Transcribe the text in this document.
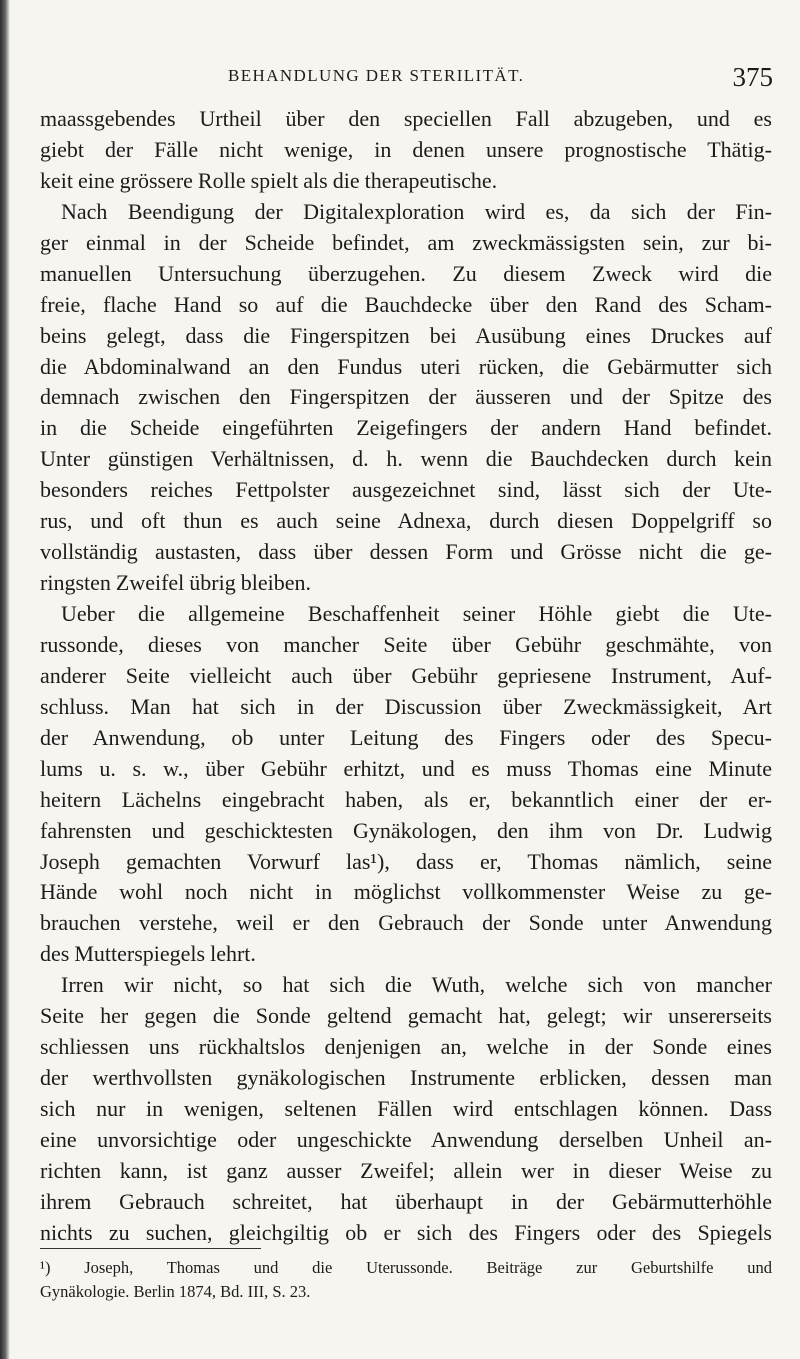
BEHANDLUNG DER STERILITÄT.	375
maassgebendes Urtheil über den speciellen Fall abzugeben, und es
giebt der Fälle nicht wenige, in denen unsere prognostische Thätig-
keit eine grössere Rolle spielt als die therapeutische.
Nach Beendigung der Digitalexploration wird es, da sich der Fin-
ger einmal in der Scheide befindet, am zweckmässigsten sein, zur bi-
manuellen Untersuchung überzugehen. Zu diesem Zweck wird die
freie, flache Hand so auf die Bauchdecke über den Rand des Scham-
beins gelegt, dass die Fingerspitzen bei Ausübung eines Druckes auf
die Abdominalwand an den Fundus uteri rücken, die Gebärmutter sich
demnach zwischen den Fingerspitzen der äusseren und der Spitze des
in die Scheide eingeführten Zeigefingers der andern Hand befindet.
Unter günstigen Verhältnissen, d. h. wenn die Bauchdecken durch kein
besonders reiches Fettpolster ausgezeichnet sind, lässt sich der Ute-
rus, und oft thun es auch seine Adnexa, durch diesen Doppelgriff so
vollständig austasten, dass über dessen Form und Grösse nicht die ge-
ringsten Zweifel übrig bleiben.
Ueber die allgemeine Beschaffenheit seiner Höhle giebt die Ute-
russonde, dieses von mancher Seite über Gebühr geschmähte, von
anderer Seite vielleicht auch über Gebühr gepriesene Instrument, Auf-
schluss. Man hat sich in der Discussion über Zweckmässigkeit, Art
der Anwendung, ob unter Leitung des Fingers oder des Specu-
lums u. s. w., über Gebühr erhitzt, und es muss Thomas eine Minute
heitern Lächelns eingebracht haben, als er, bekanntlich einer der er-
fahrensten und geschicktesten Gynäkologen, den ihm von Dr. Ludwig
Joseph gemachten Vorwurf las¹), dass er, Thomas nämlich, seine
Hände wohl noch nicht in möglichst vollkommenster Weise zu ge-
brauchen verstehe, weil er den Gebrauch der Sonde unter Anwendung
des Mutterspiegels lehrt.
Irren wir nicht, so hat sich die Wuth, welche sich von mancher
Seite her gegen die Sonde geltend gemacht hat, gelegt; wir unsererseits
schliessen uns rückhaltslos denjenigen an, welche in der Sonde eines
der werthvollsten gynäkologischen Instrumente erblicken, dessen man
sich nur in wenigen, seltenen Fällen wird entschlagen können. Dass
eine unvorsichtige oder ungeschickte Anwendung derselben Unheil an-
richten kann, ist ganz ausser Zweifel; allein wer in dieser Weise zu
ihrem Gebrauch schreitet, hat überhaupt in der Gebärmutterhöhle
nichts zu suchen, gleichgiltig ob er sich des Fingers oder des Spiegels
¹) Joseph, Thomas und die Uterussonde. Beiträge zur Geburtshilfe und
Gynäkologie. Berlin 1874, Bd. III, S. 23.
